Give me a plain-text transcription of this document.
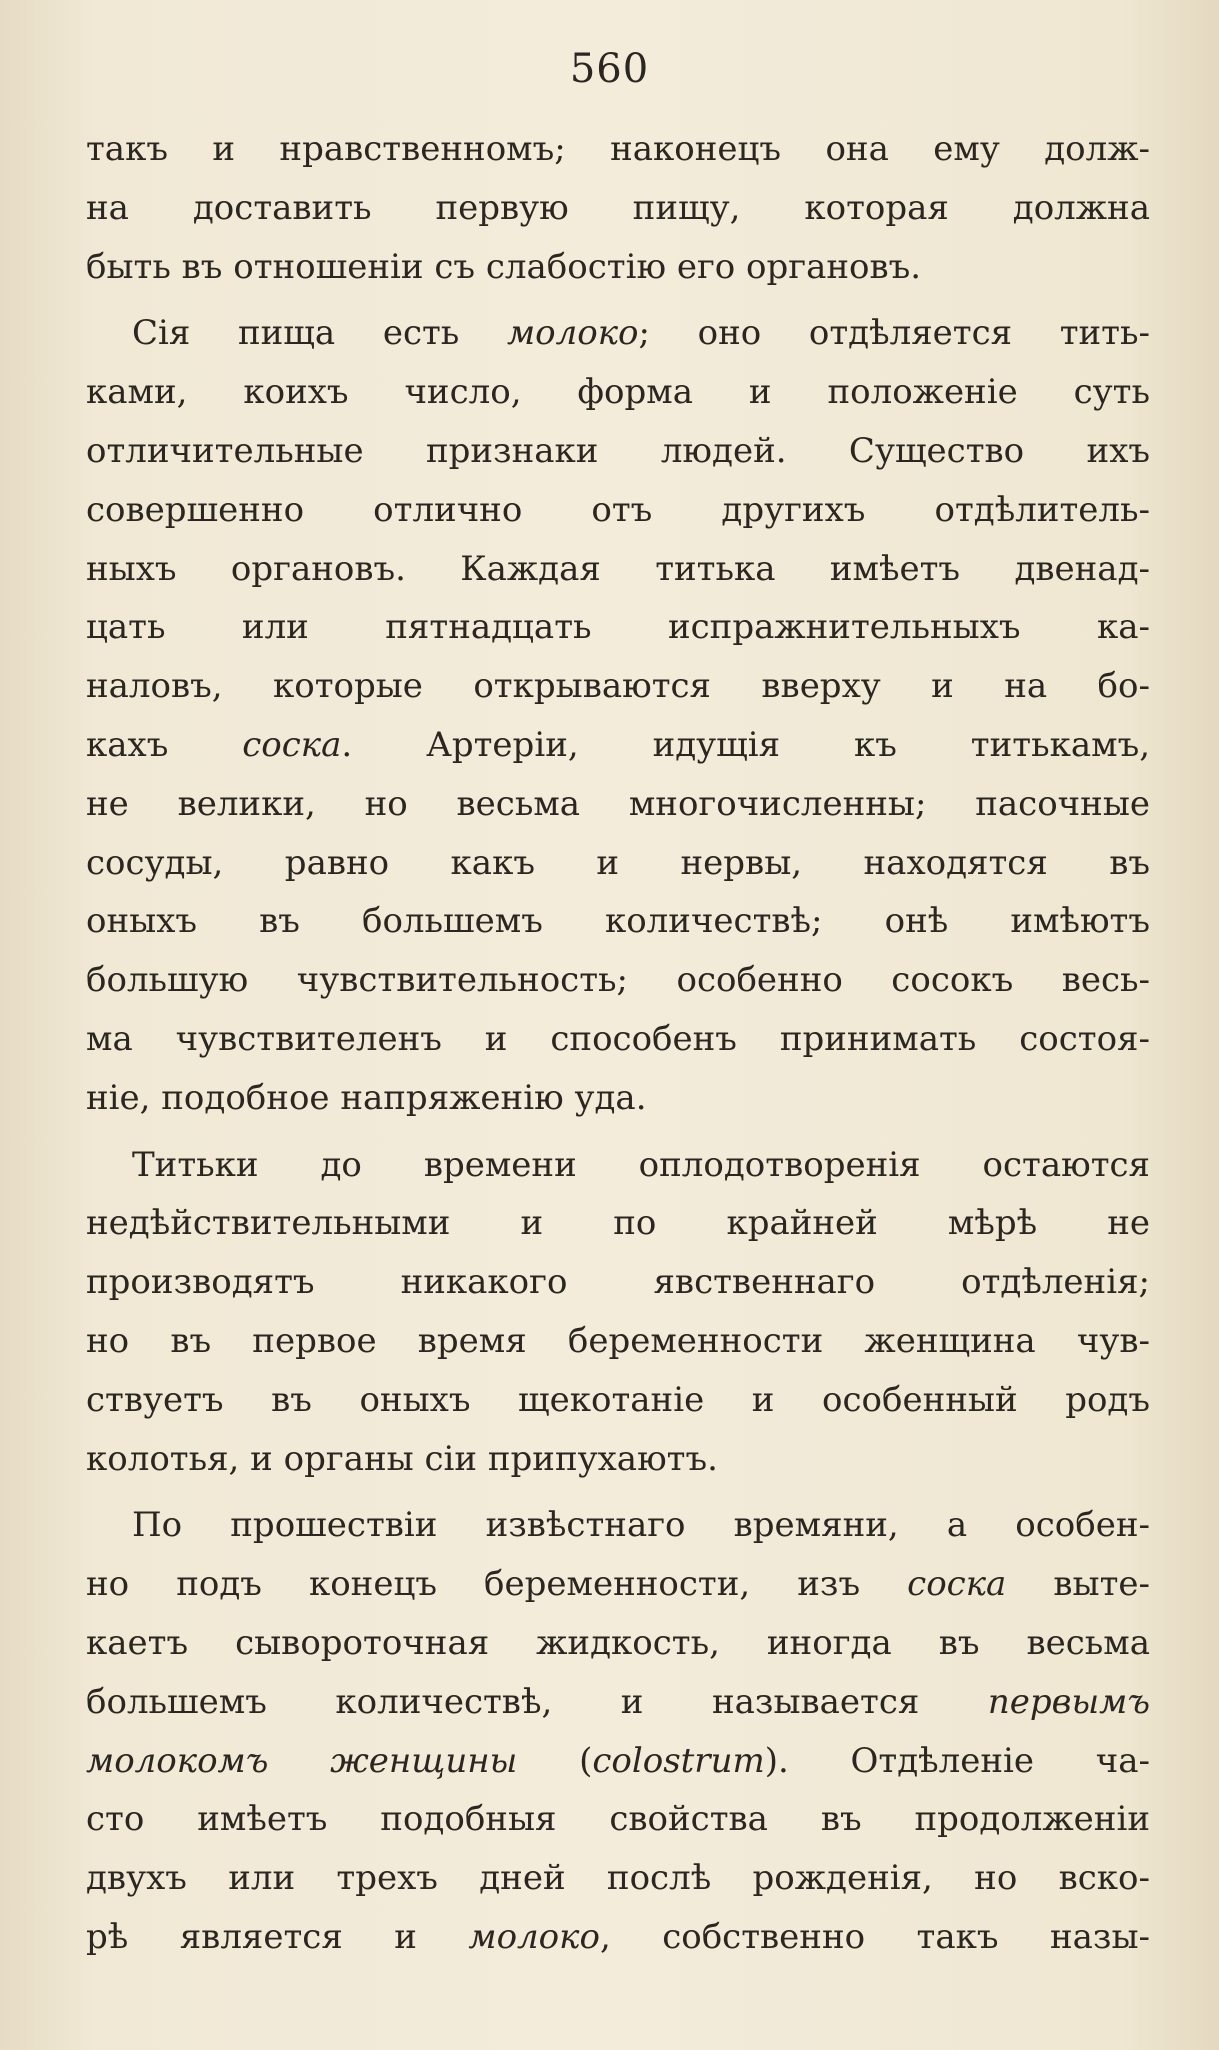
560
такъ и нравственномъ; наконецъ она ему долж-
на доставить первую пищу, которая должна
быть въ отношеніи съ слабостію его органовъ.
Сія пища есть молоко; оно отдѣляется тить-
ками, коихъ число, форма и положеніе суть
отличительные признаки людей. Существо ихъ
совершенно отлично отъ другихъ отдѣлитель-
ныхъ органовъ. Каждая титька имѣетъ двенад-
цать или пятнадцать испражнительныхъ ка-
наловъ, которые открываются вверху и на бо-
кахъ соска. Артеріи, идущія къ титькамъ,
не велики, но весьма многочисленны; пасочные
сосуды, равно какъ и нервы, находятся въ
оныхъ въ большемъ количествѣ; онѣ имѣютъ
большую чувствительность; особенно сосокъ весь-
ма чувствителенъ и способенъ принимать состоя-
ніе, подобное напряженію уда.
Титьки до времени оплодотворенія остаются
недѣйствительными и по крайней мѣрѣ не
производятъ никакого явственнаго отдѣленія;
но въ первое время беременности женщина чув-
ствуетъ въ оныхъ щекотаніе и особенный родъ
колотья, и органы сіи припухаютъ.
По прошествіи извѣстнаго времяни, а особен-
но подъ конецъ беременности, изъ соска выте-
каетъ сывороточная жидкость, иногда въ весьма
большемъ количествѣ, и называется первымъ
молокомъ женщины (colostrum). Отдѣленіе ча-
сто имѣетъ подобныя свойства въ продолженіи
двухъ или трехъ дней послѣ рожденія, но вско-
рѣ является и молоко, собственно такъ назы-
